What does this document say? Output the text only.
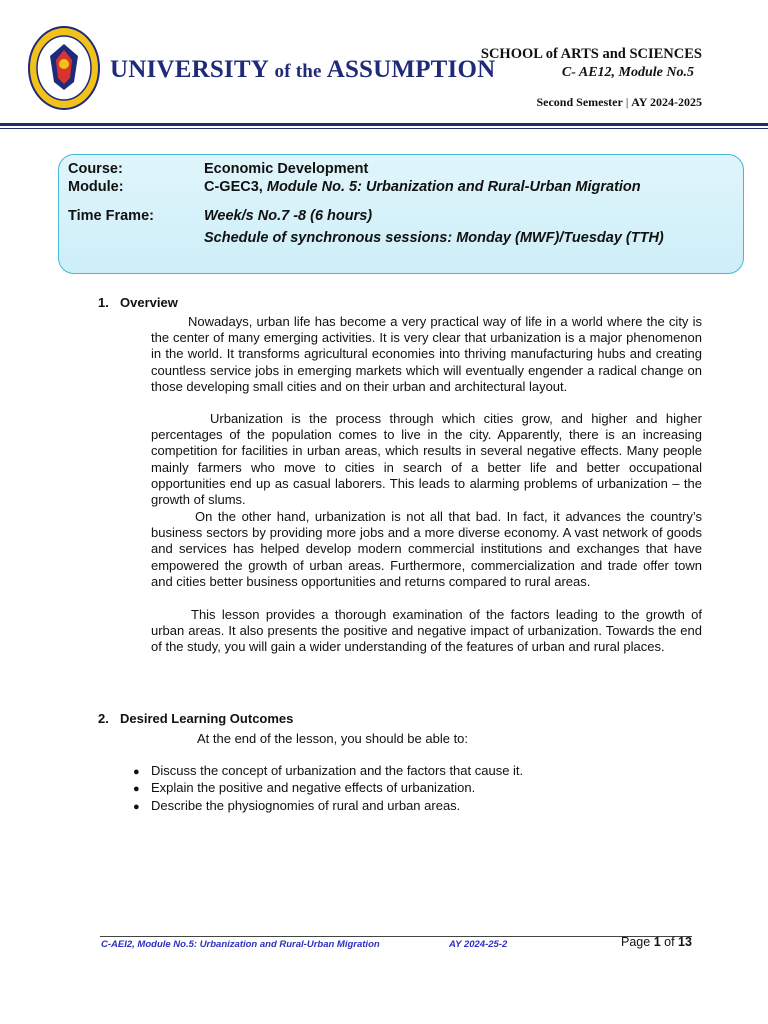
UNIVERSITY of the ASSUMPTION
SCHOOL of ARTS and SCIENCES
C- AE12, Module No.5
Second Semester | AY 2024-2025
Course:	Economic Development
Module:	C-GEC3, Module No. 5: Urbanization and Rural-Urban Migration
Time Frame:	Week/s No.7 -8 (6 hours)
Schedule of synchronous sessions: Monday (MWF)/Tuesday (TTH)
1. Overview

Nowadays, urban life has become a very practical way of life in a world where the city is the center of many emerging activities. It is very clear that urbanization is a major phenomenon in the world. It transforms agricultural economies into thriving manufacturing hubs and creating countless service jobs in emerging markets which will eventually engender a radical change on those developing small cities and on their urban and architectural layout.

Urbanization is the process through which cities grow, and higher and higher percentages of the population comes to live in the city. Apparently, there is an increasing competition for facilities in urban areas, which results in several negative effects. Many people mainly farmers who move to cities in search of a better life and better occupational opportunities end up as casual laborers. This leads to alarming problems of urbanization – the growth of slums.

On the other hand, urbanization is not all that bad. In fact, it advances the country’s business sectors by providing more jobs and a more diverse economy. A vast network of goods and services has helped develop modern commercial institutions and exchanges that have empowered the growth of urban areas. Furthermore, commercialization and trade offer town and cities better business opportunities and returns compared to rural areas.

This lesson provides a thorough examination of the factors leading to the growth of urban areas. It also presents the positive and negative impact of urbanization. Towards the end of the study, you will gain a wider understanding of the features of urban and rural places.

2. Desired Learning Outcomes
At the end of the lesson, you should be able to:
● Discuss the concept of urbanization and the factors that cause it.
● Explain the positive and negative effects of urbanization.
● Describe the physiognomies of rural and urban areas.
C-AEI2, Module No.5: Urbanization and Rural-Urban Migration	AY 2024-25-2	Page 1 of 13
